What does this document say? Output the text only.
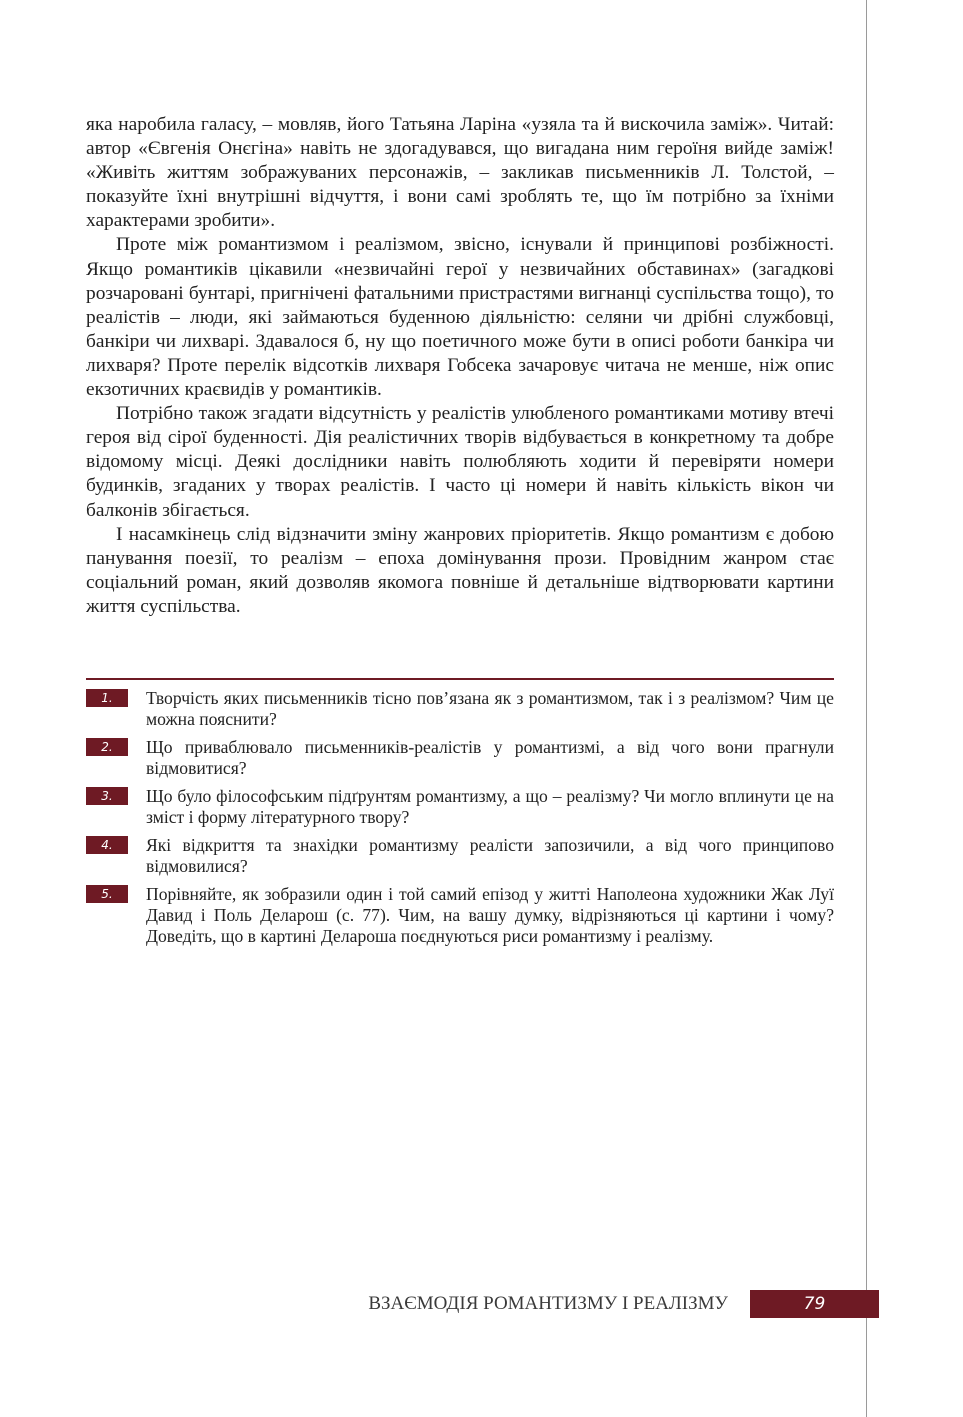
яка наробила галасу, – мовляв, його Татьяна Ларіна «узяла та й вискочила заміж». Читай: автор «Євгенія Онєгіна» навіть не здогадувався, що вигадана ним героїня вийде заміж! «Живіть життям зображуваних персонажів, – закликав письменників Л. Толстой, – показуйте їхні внутрішні відчуття, і вони самі зроблять те, що їм потрібно за їхніми характерами зробити».

Проте між романтизмом і реалізмом, звісно, існували й принципові розбіжності. Якщо романтиків цікавили «незвичайні герої у незвичайних обставинах» (загадкові розчаровані бунтарі, пригнічені фатальними пристрастями вигнанці суспільства тощо), то реалістів – люди, які займаються буденною діяльністю: селяни чи дрібні службовці, банкіри чи лихварі. Здавалося б, ну що поетичного може бути в описі роботи банкіра чи лихваря? Проте перелік відсотків лихваря Гобсека зачаровує читача не менше, ніж опис екзотичних краєвидів у романтиків.

Потрібно також згадати відсутність у реалістів улюбленого романтиками мотиву втечі героя від сірої буденності. Дія реалістичних творів відбувається в конкретному та добре відомому місці. Деякі дослідники навіть полюбляють ходити й перевіряти номери будинків, згаданих у творах реалістів. І часто ці номери й навіть кількість вікон чи балконів збігається.

І насамкінець слід відзначити зміну жанрових пріоритетів. Якщо романтизм є добою панування поезії, то реалізм – епоха домінування прози. Провідним жанром стає соціальний роман, який дозволяв якомога повніше й детальніше відтворювати картини життя суспільства.

1.	Творчість яких письменників тісно пов’язана як з романтизмом, так і з реалізмом? Чим це можна пояснити?
2.	Що приваблювало письменників-реалістів у романтизмі, а від чого вони прагнули відмовитися?
3.	Що було філософським підґрунтям романтизму, а що – реалізму? Чи могло вплинути це на зміст і форму літературного твору?
4.	Які відкриття та знахідки романтизму реалісти запозичили, а від чого принципово відмовилися?
5.	Порівняйте, як зобразили один і той самий епізод у житті Наполеона художники Жак Луї Давид і Поль Деларош (с. 77). Чим, на вашу думку, відрізняються ці картини і чому? Доведіть, що в картині Делароша поєднуються риси романтизму і реалізму.
ВЗАЄМОДІЯ РОМАНТИЗМУ І РЕАЛІЗМУ	79
